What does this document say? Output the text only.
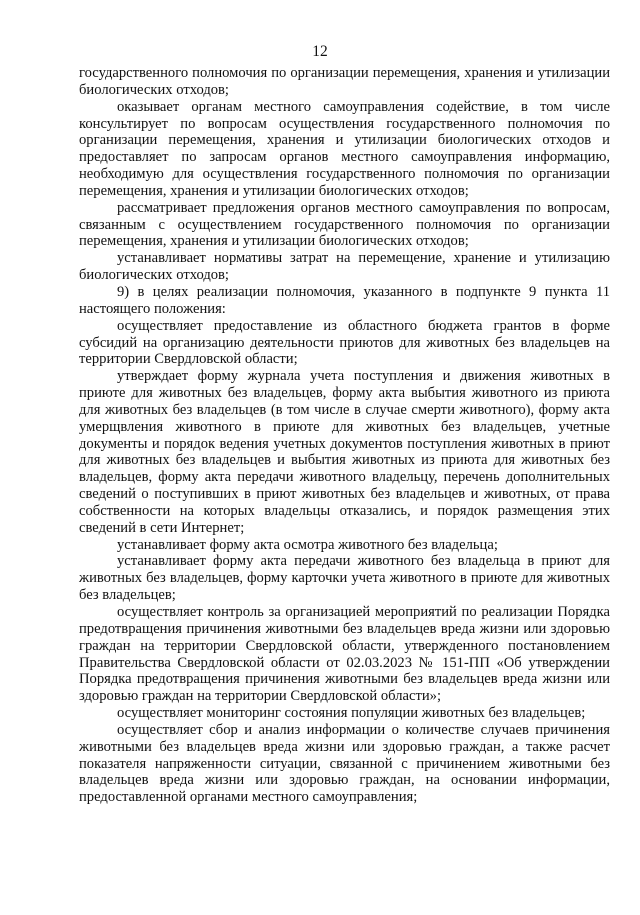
12

государственного полномочия по организации перемещения, хранения и утилизации биологических отходов;

оказывает органам местного самоуправления содействие, в том числе консультирует по вопросам осуществления государственного полномочия по организации перемещения, хранения и утилизации биологических отходов и предоставляет по запросам органов местного самоуправления информацию, необходимую для осуществления государственного полномочия по организации перемещения, хранения и утилизации биологических отходов;

рассматривает предложения органов местного самоуправления по вопросам, связанным с осуществлением государственного полномочия по организации перемещения, хранения и утилизации биологических отходов;

устанавливает нормативы затрат на перемещение, хранение и утилизацию биологических отходов;

9) в целях реализации полномочия, указанного в подпункте 9 пункта 11 настоящего положения:

осуществляет предоставление из областного бюджета грантов в форме субсидий на организацию деятельности приютов для животных без владельцев на территории Свердловской области;

утверждает форму журнала учета поступления и движения животных в приюте для животных без владельцев, форму акта выбытия животного из приюта для животных без владельцев (в том числе в случае смерти животного), форму акта умерщвления животного в приюте для животных без владельцев, учетные документы и порядок ведения учетных документов поступления животных в приют для животных без владельцев и выбытия животных из приюта для животных без владельцев, форму акта передачи животного владельцу, перечень дополнительных сведений о поступивших в приют животных без владельцев и животных, от права собственности на которых владельцы отказались, и порядок размещения этих сведений в сети Интернет;

устанавливает форму акта осмотра животного без владельца;

устанавливает форму акта передачи животного без владельца в приют для животных без владельцев, форму карточки учета животного в приюте для животных без владельцев;

осуществляет контроль за организацией мероприятий по реализации Порядка предотвращения причинения животными без владельцев вреда жизни или здоровью граждан на территории Свердловской области, утвержденного постановлением Правительства Свердловской области от 02.03.2023 № 151-ПП «Об утверждении Порядка предотвращения причинения животными без владельцев вреда жизни или здоровью граждан на территории Свердловской области»;

осуществляет мониторинг состояния популяции животных без владельцев;

осуществляет сбор и анализ информации о количестве случаев причинения животными без владельцев вреда жизни или здоровью граждан, а также расчет показателя напряженности ситуации, связанной с причинением животными без владельцев вреда жизни или здоровью граждан, на основании информации, предоставленной органами местного самоуправления;
